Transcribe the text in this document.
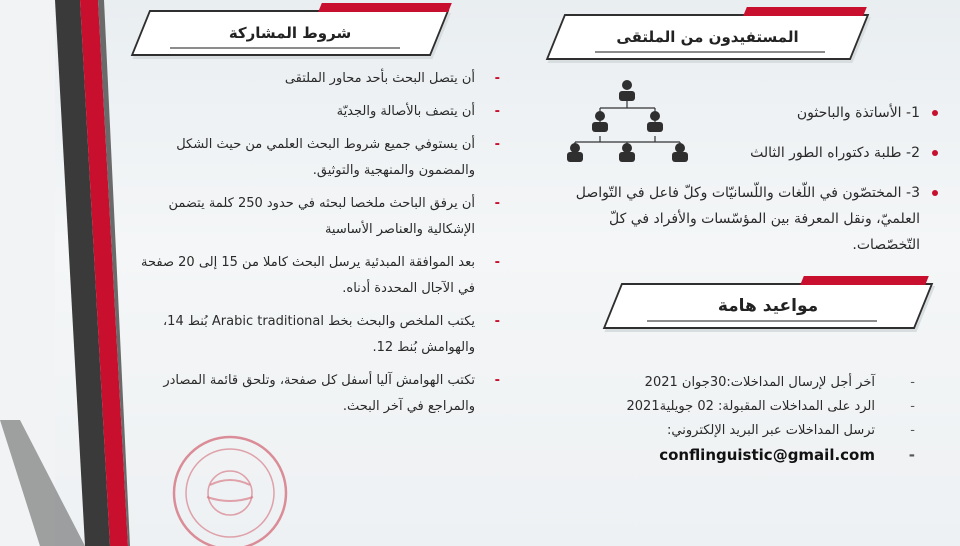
شروط المشاركة
-
أن يتصل البحث بأحد محاور الملتقى
-
أن يتصف بالأصالة والجديّة
-
أن يستوفي جميع شروط البحث العلمي من حيث الشكل والمضمون والمنهجية والتوثيق.
-
أن يرفق الباحث ملخصا لبحثه في حدود 250 كلمة يتضمن الإشكالية والعناصر الأساسية
-
بعد الموافقة المبدئية يرسل البحث كاملا من 15 إلى 20 صفحة في الآجال المحددة أدناه.
-
يكتب الملخص والبحث بخط Arabic traditional بُنط 14، والهوامش بُنط 12.
-
تكتب الهوامش آليا أسفل كل صفحة، وتلحق قائمة المصادر والمراجع في آخر البحث.
المستفيدون من الملتقى
1- الأساتذة والباحثون
2- طلبة دكتوراه الطور الثالث
3- المختصّون في اللّغات واللّسانيّات وكلّ فاعل في التّواصل العلميّ، ونقل المعرفة بين المؤسّسات والأفراد في كلّ التّخصّصات.
مواعيد هامة
-
آخر أجل لإرسال المداخلات:30جوان 2021
-
الرد على المداخلات المقبولة: 02 جويلية2021
-
ترسل المداخلات عبر البريد الإلكتروني:
-
conflinguistic@gmail.com
